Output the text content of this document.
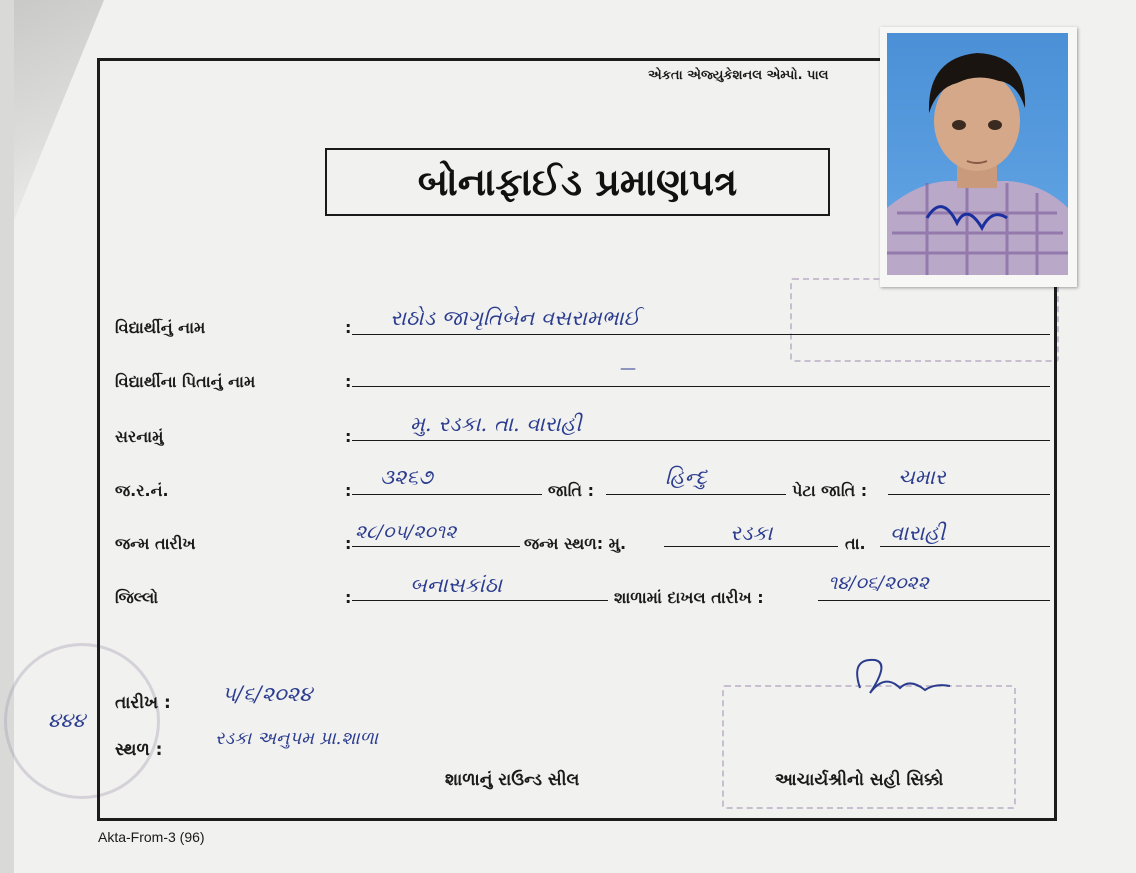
એકતા એજ્યુકેશનલ એમ્પો. પાલ
બોનાફાઈડ પ્રમાણપત્ર
વિદ્યાર્થીનું નામ	: રાઠોડ જાગૃતિબેન વસરામભાઈ
વિદ્યાર્થીના પિતાનું નામ	:
—
સરનામું	:
મુ. રડકા. તા. વારાહી
જ.ર.નં.	:
૩૨૬૭
જાતિ :
હિન્દુ
પેટા જાતિ :
ચમાર
જન્મ તારીખ	:
૨૮/૦૫/૨૦૧૨
જન્મ સ્થળ: મુ.	રડકા	તા. વારાહી
જિલ્લો	:
બનાસકાંઠા
શાળામાં દાખલ તારીખ :
૧૪/૦૬/૨૦૨૨
તારીખ : ૫/૬/૨૦૨૪
૪૪૪
સ્થળ :
રડકા અનુપમ પ્રા.શાળા
શાળાનું રાઉન્ડ સીલ	આચાર્યશ્રીનો સહી સિક્કો
Akta-From-3 (96)
